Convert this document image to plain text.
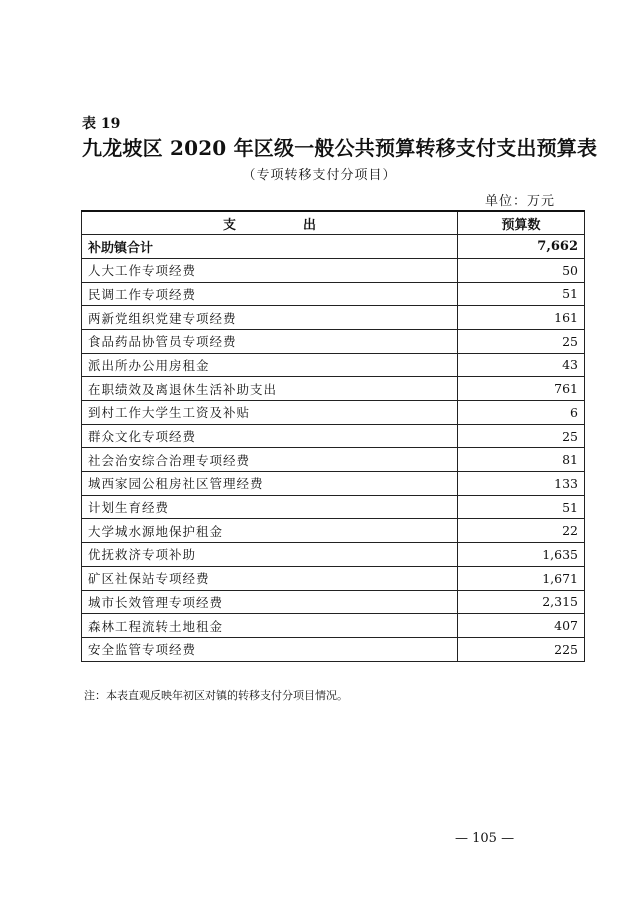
表 19
九龙坡区 2020 年区级一般公共预算转移支付支出预算表
（专项转移支付分项目）
单位：万元
支 出	预算数
补助镇合计	7,662
人大工作专项经费	50
民调工作专项经费	51
两新党组织党建专项经费	161
食品药品协管员专项经费	25
派出所办公用房租金	43
在职绩效及离退休生活补助支出	761
到村工作大学生工资及补贴	6
群众文化专项经费	25
社会治安综合治理专项经费	81
城西家园公租房社区管理经费	133
计划生育经费	51
大学城水源地保护租金	22
优抚救济专项补助	1,635
矿区社保站专项经费	1,671
城市长效管理专项经费	2,315
森林工程流转土地租金	407
安全监管专项经费	225
注：本表直观反映年初区对镇的转移支付分项目情况。
— 105 —
